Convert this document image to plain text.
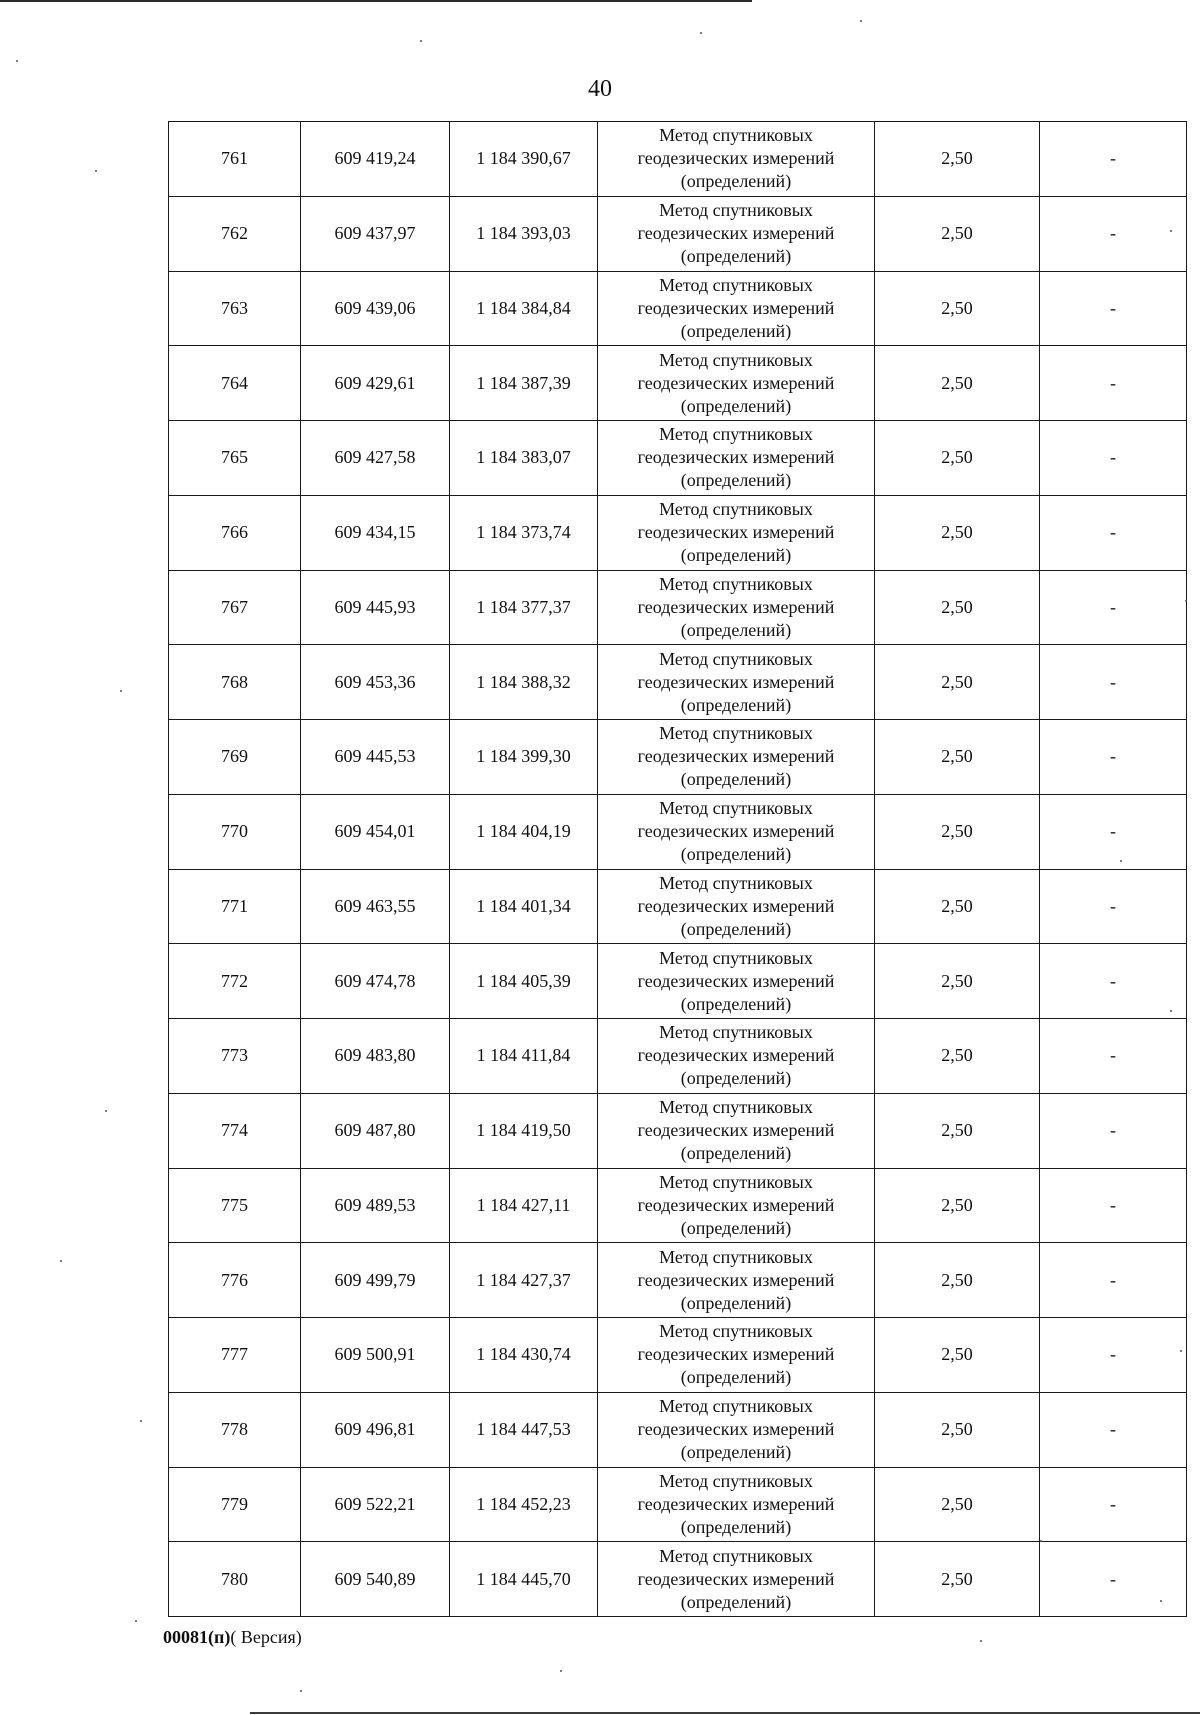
40
761	609 419,24	1 184 390,67	Метод спутниковых
геодезических измерений
(определений)	2,50	-
762	609 437,97	1 184 393,03	Метод спутниковых
геодезических измерений
(определений)	2,50	-
763	609 439,06	1 184 384,84	Метод спутниковых
геодезических измерений
(определений)	2,50	-
764	609 429,61	1 184 387,39	Метод спутниковых
геодезических измерений
(определений)	2,50	-
765	609 427,58	1 184 383,07	Метод спутниковых
геодезических измерений
(определений)	2,50	-
766	609 434,15	1 184 373,74	Метод спутниковых
геодезических измерений
(определений)	2,50	-
767	609 445,93	1 184 377,37	Метод спутниковых
геодезических измерений
(определений)	2,50	-
768	609 453,36	1 184 388,32	Метод спутниковых
геодезических измерений
(определений)	2,50	-
769	609 445,53	1 184 399,30	Метод спутниковых
геодезических измерений
(определений)	2,50	-
770	609 454,01	1 184 404,19	Метод спутниковых
геодезических измерений
(определений)	2,50	-
771	609 463,55	1 184 401,34	Метод спутниковых
геодезических измерений
(определений)	2,50	-
772	609 474,78	1 184 405,39	Метод спутниковых
геодезических измерений
(определений)	2,50	-
773	609 483,80	1 184 411,84	Метод спутниковых
геодезических измерений
(определений)	2,50	-
774	609 487,80	1 184 419,50	Метод спутниковых
геодезических измерений
(определений)	2,50	-
775	609 489,53	1 184 427,11	Метод спутниковых
геодезических измерений
(определений)	2,50	-
776	609 499,79	1 184 427,37	Метод спутниковых
геодезических измерений
(определений)	2,50	-
777	609 500,91	1 184 430,74	Метод спутниковых
геодезических измерений
(определений)	2,50	-
778	609 496,81	1 184 447,53	Метод спутниковых
геодезических измерений
(определений)	2,50	-
779	609 522,21	1 184 452,23	Метод спутниковых
геодезических измерений
(определений)	2,50	-
780	609 540,89	1 184 445,70	Метод спутниковых
геодезических измерений
(определений)	2,50	-
00081(п)( Версия)
